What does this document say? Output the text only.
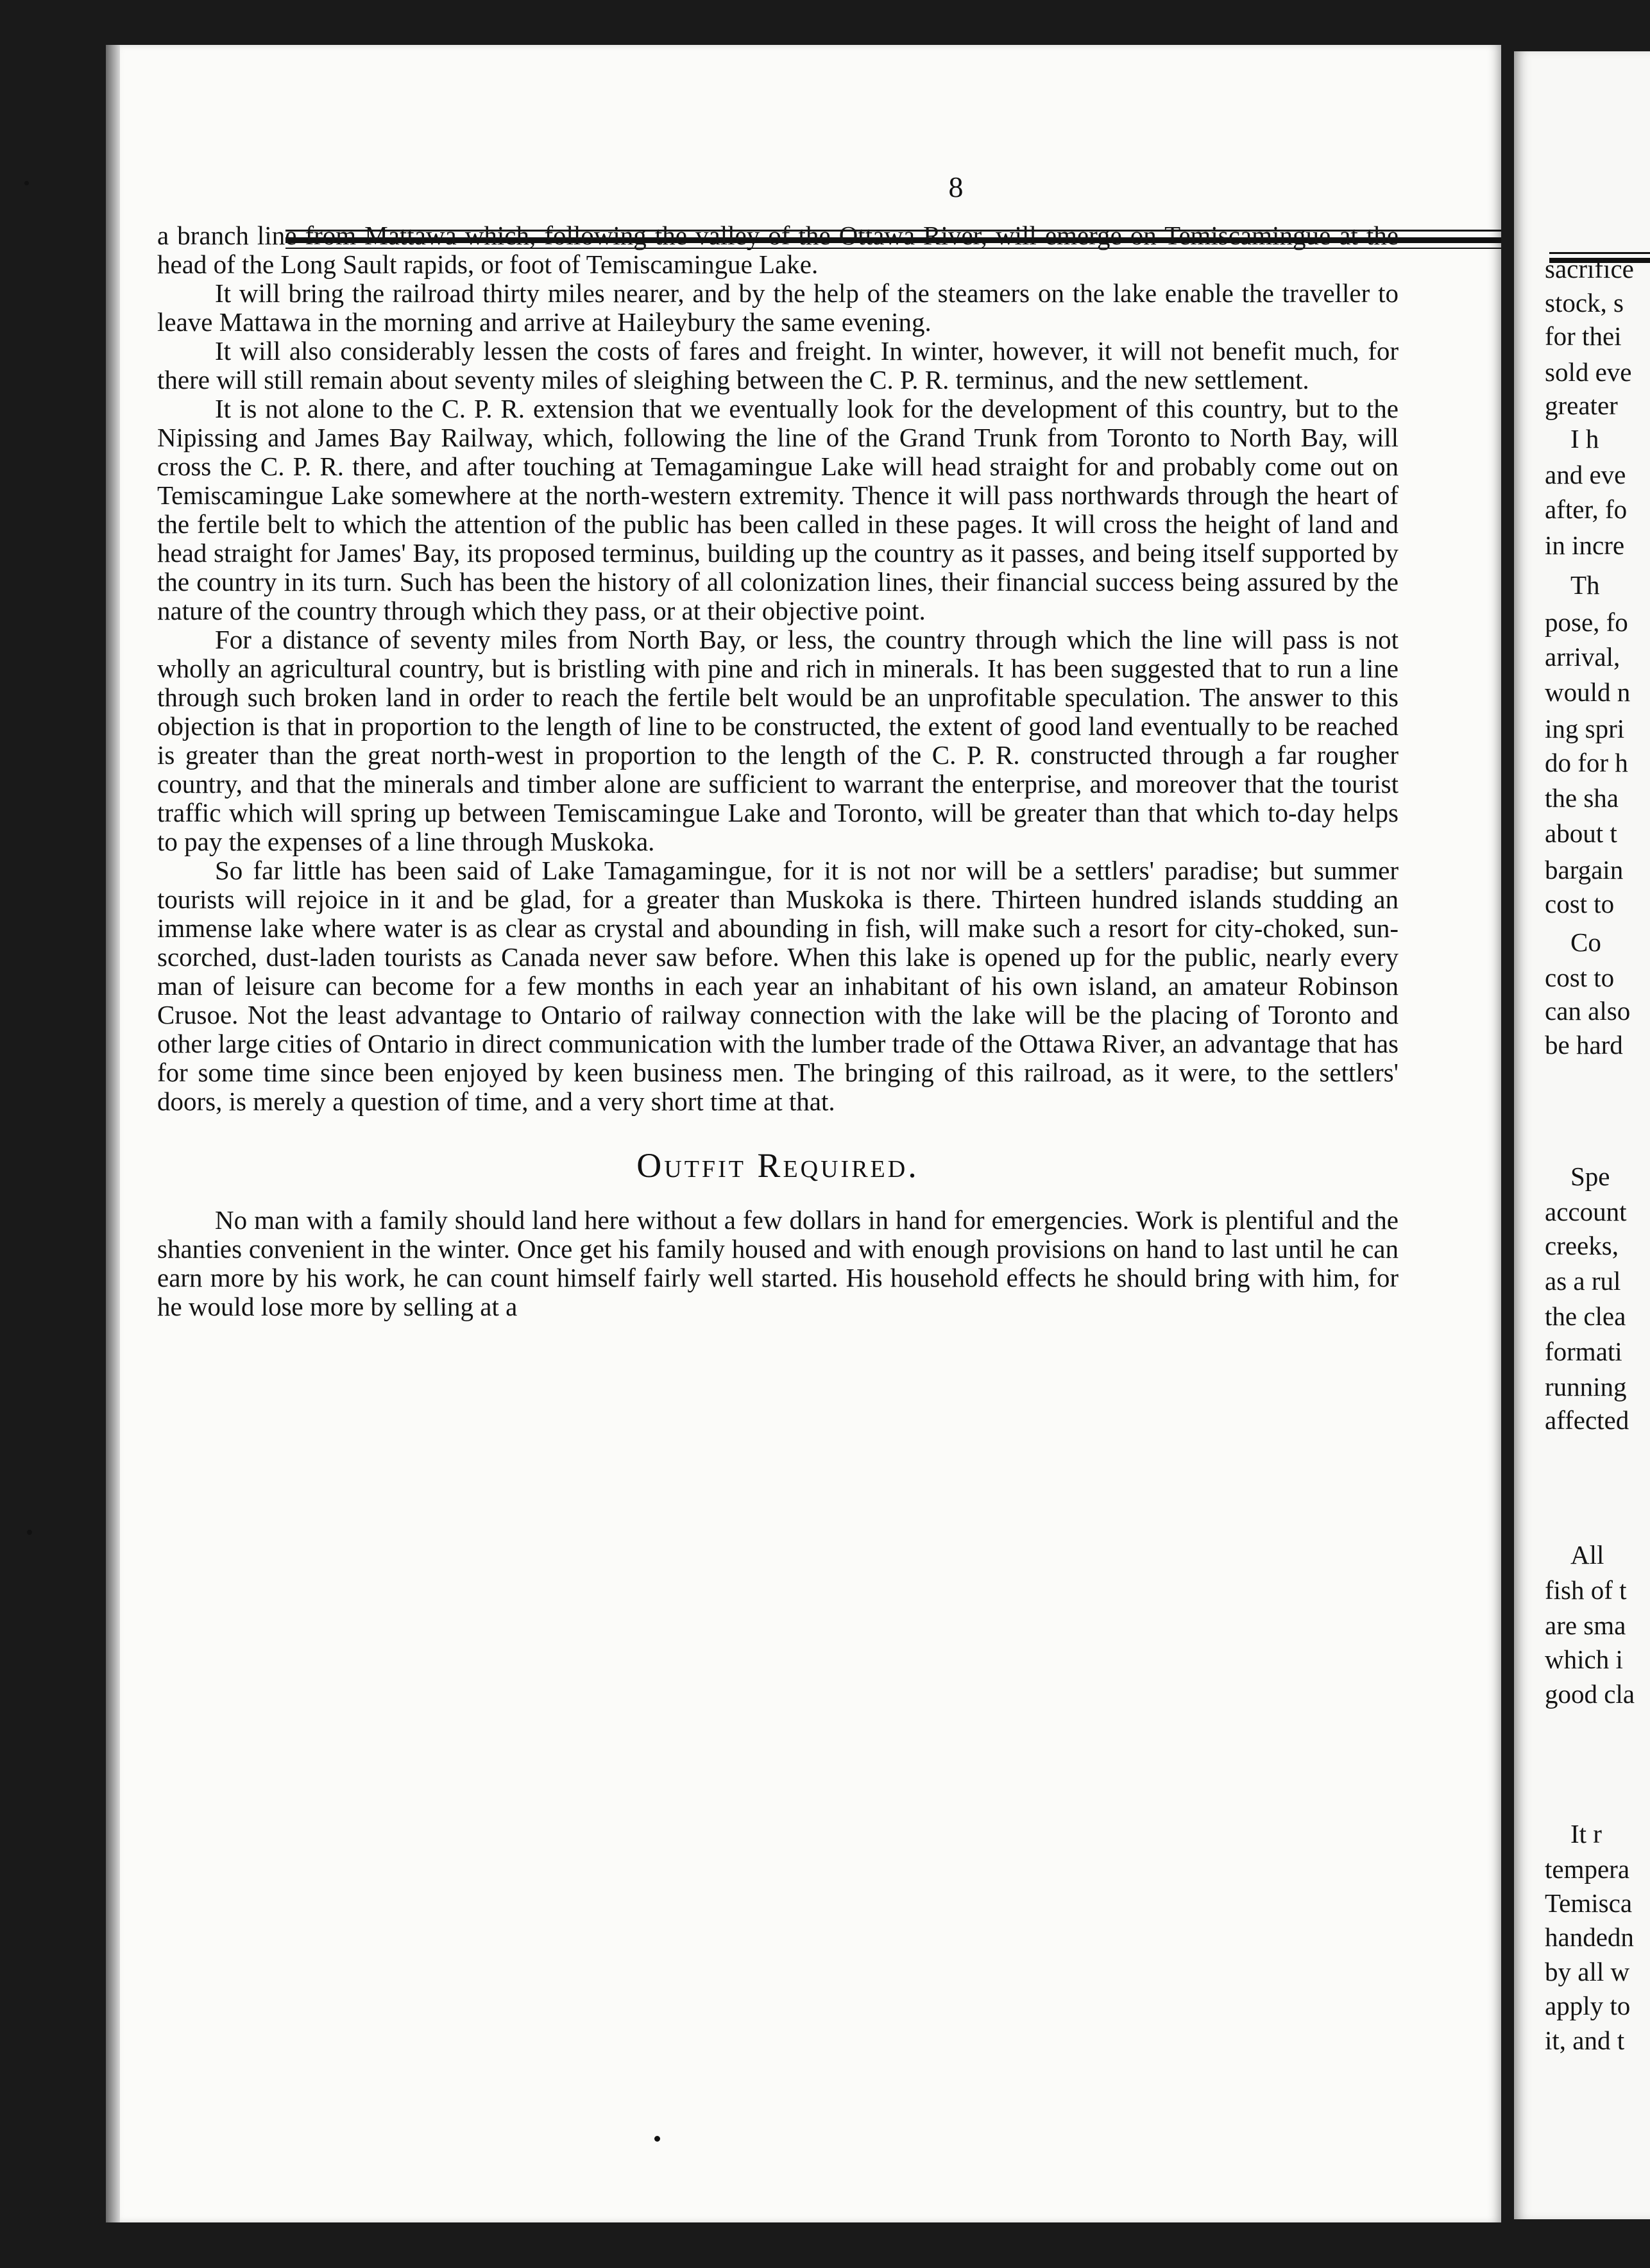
8

a branch line from Mattawa which, following the valley of the Ottawa River, will emerge on Temiscamingue at the head of the Long Sault rapids, or foot of Temiscamingue Lake.

It will bring the railroad thirty miles nearer, and by the help of the steamers on the lake enable the traveller to leave Mattawa in the morning and arrive at Haileybury the same evening.

It will also considerably lessen the costs of fares and freight. In winter, however, it will not benefit much, for there will still remain about seventy miles of sleighing between the C. P. R. terminus, and the new settlement.

It is not alone to the C. P. R. extension that we eventually look for the development of this country, but to the Nipissing and James Bay Railway, which, following the line of the Grand Trunk from Toronto to North Bay, will cross the C. P. R. there, and after touching at Temagamingue Lake will head straight for and probably come out on Temiscamingue Lake somewhere at the north-western extremity. Thence it will pass northwards through the heart of the fertile belt to which the attention of the public has been called in these pages. It will cross the height of land and head straight for James' Bay, its proposed terminus, building up the country as it passes, and being itself supported by the country in its turn. Such has been the history of all colonization lines, their financial success being assured by the nature of the country through which they pass, or at their objective point.

For a distance of seventy miles from North Bay, or less, the country through which the line will pass is not wholly an agricultural country, but is bristling with pine and rich in minerals. It has been suggested that to run a line through such broken land in order to reach the fertile belt would be an unprofitable speculation. The answer to this objection is that in proportion to the length of line to be constructed, the extent of good land eventually to be reached is greater than the great north-west in proportion to the length of the C. P. R. constructed through a far rougher country, and that the minerals and timber alone are sufficient to warrant the enterprise, and moreover that the tourist traffic which will spring up between Temiscamingue Lake and Toronto, will be greater than that which to-day helps to pay the expenses of a line through Muskoka.

So far little has been said of Lake Tamagamingue, for it is not nor will be a settlers' paradise; but summer tourists will rejoice in it and be glad, for a greater than Muskoka is there. Thirteen hundred islands studding an immense lake where water is as clear as crystal and abounding in fish, will make such a resort for city-choked, sun-scorched, dust-laden tourists as Canada never saw before. When this lake is opened up for the public, nearly every man of leisure can become for a few months in each year an inhabitant of his own island, an amateur Robinson Crusoe. Not the least advantage to Ontario of railway connection with the lake will be the placing of Toronto and other large cities of Ontario in direct communication with the lumber trade of the Ottawa River, an advantage that has for some time since been enjoyed by keen business men. The bringing of this railroad, as it were, to the settlers' doors, is merely a question of time, and a very short time at that.

Outfit Required.

No man with a family should land here without a few dollars in hand for emergencies. Work is plentiful and the shanties convenient in the winter. Once get his family housed and with enough provisions on hand to last until he can earn more by his work, he can count himself fairly well started. His household effects he should bring with him, for he would lose more by selling at a

sacrifice
stock, s
for thei
sold eve
greater
I h
and eve
after, fo
in incre
Th
pose, fo
arrival,
would n
ing spri
do for h
the sha
about t
bargain
cost to
Co
cost to
can also
be hard
Spe
account
creeks,
as a rul
the clea
formati
running
affected
All
fish of t
are sma
which i
good cla
It r
tempera
Temisca
handedn
by all w
apply to
it, and t
